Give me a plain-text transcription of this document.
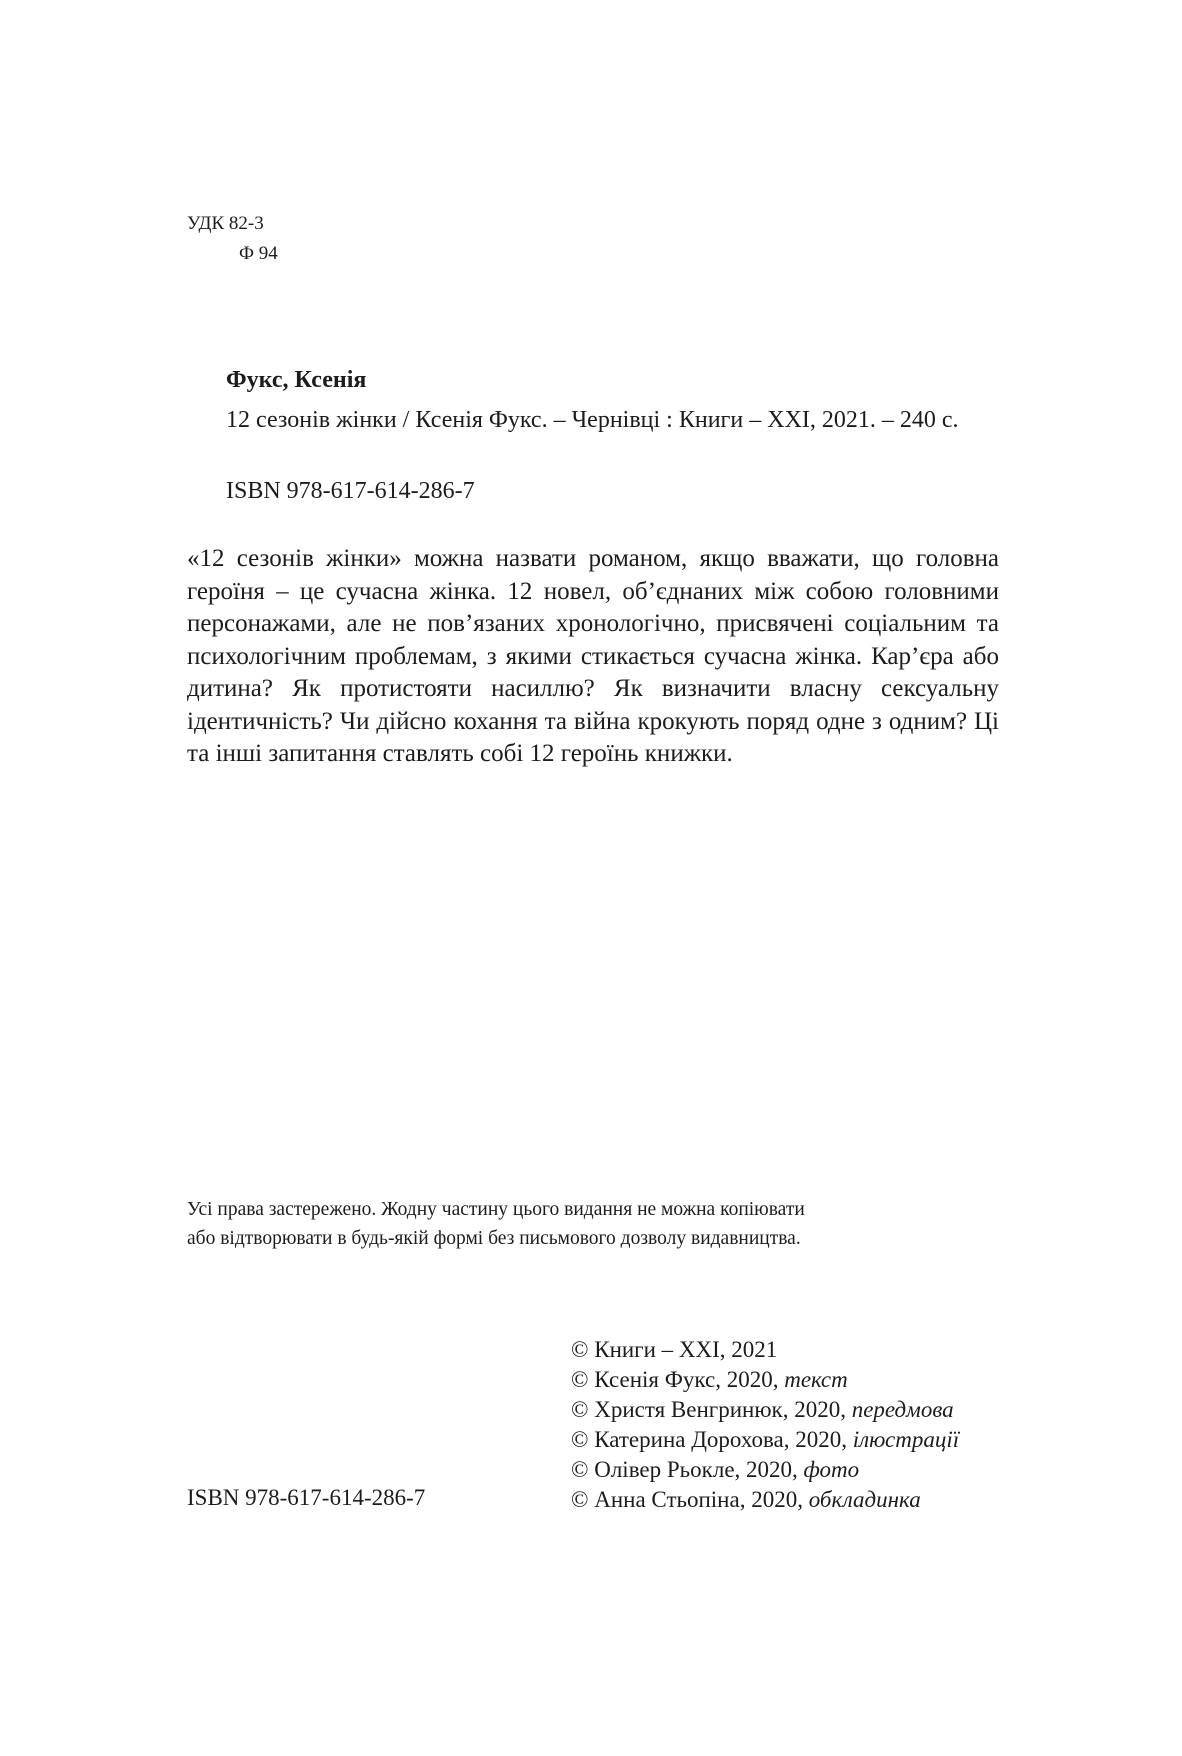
УДК 82-3
Ф 94
Фукс, Ксенія
12 сезонів жінки / Ксенія Фукс. – Чернівці : Книги – ХХІ, 2021. – 240 с.
ISBN 978-617-614-286-7

«12 сезонів жінки» можна назвати романом, якщо вважати, що головна героїня – це сучасна жінка. 12 новел, об’єднаних між собою головними персонажами, але не пов’язаних хронологічно, присвячені соціальним та психологічним проблемам, з якими стикається сучасна жінка. Кар’єра або дитина? Як протистояти насиллю? Як визначити власну сексуальну ідентичність? Чи дійсно кохання та війна крокують поряд одне з одним? Ці та інші запитання ставлять собі 12 героїнь книжки.

Усі права застережено. Жодну частину цього видання не можна копіювати
або відтворювати в будь-якій формі без письмового дозволу видавництва.
ISBN 978-617-614-286-7
© Книги – ХХІ, 2021
© Ксенія Фукс, 2020, текст
© Христя Венгринюк, 2020, передмова
© Катерина Дорохова, 2020, ілюстрації
© Олівер Рьокле, 2020, фото
© Анна Стьопіна, 2020, обкладинка
